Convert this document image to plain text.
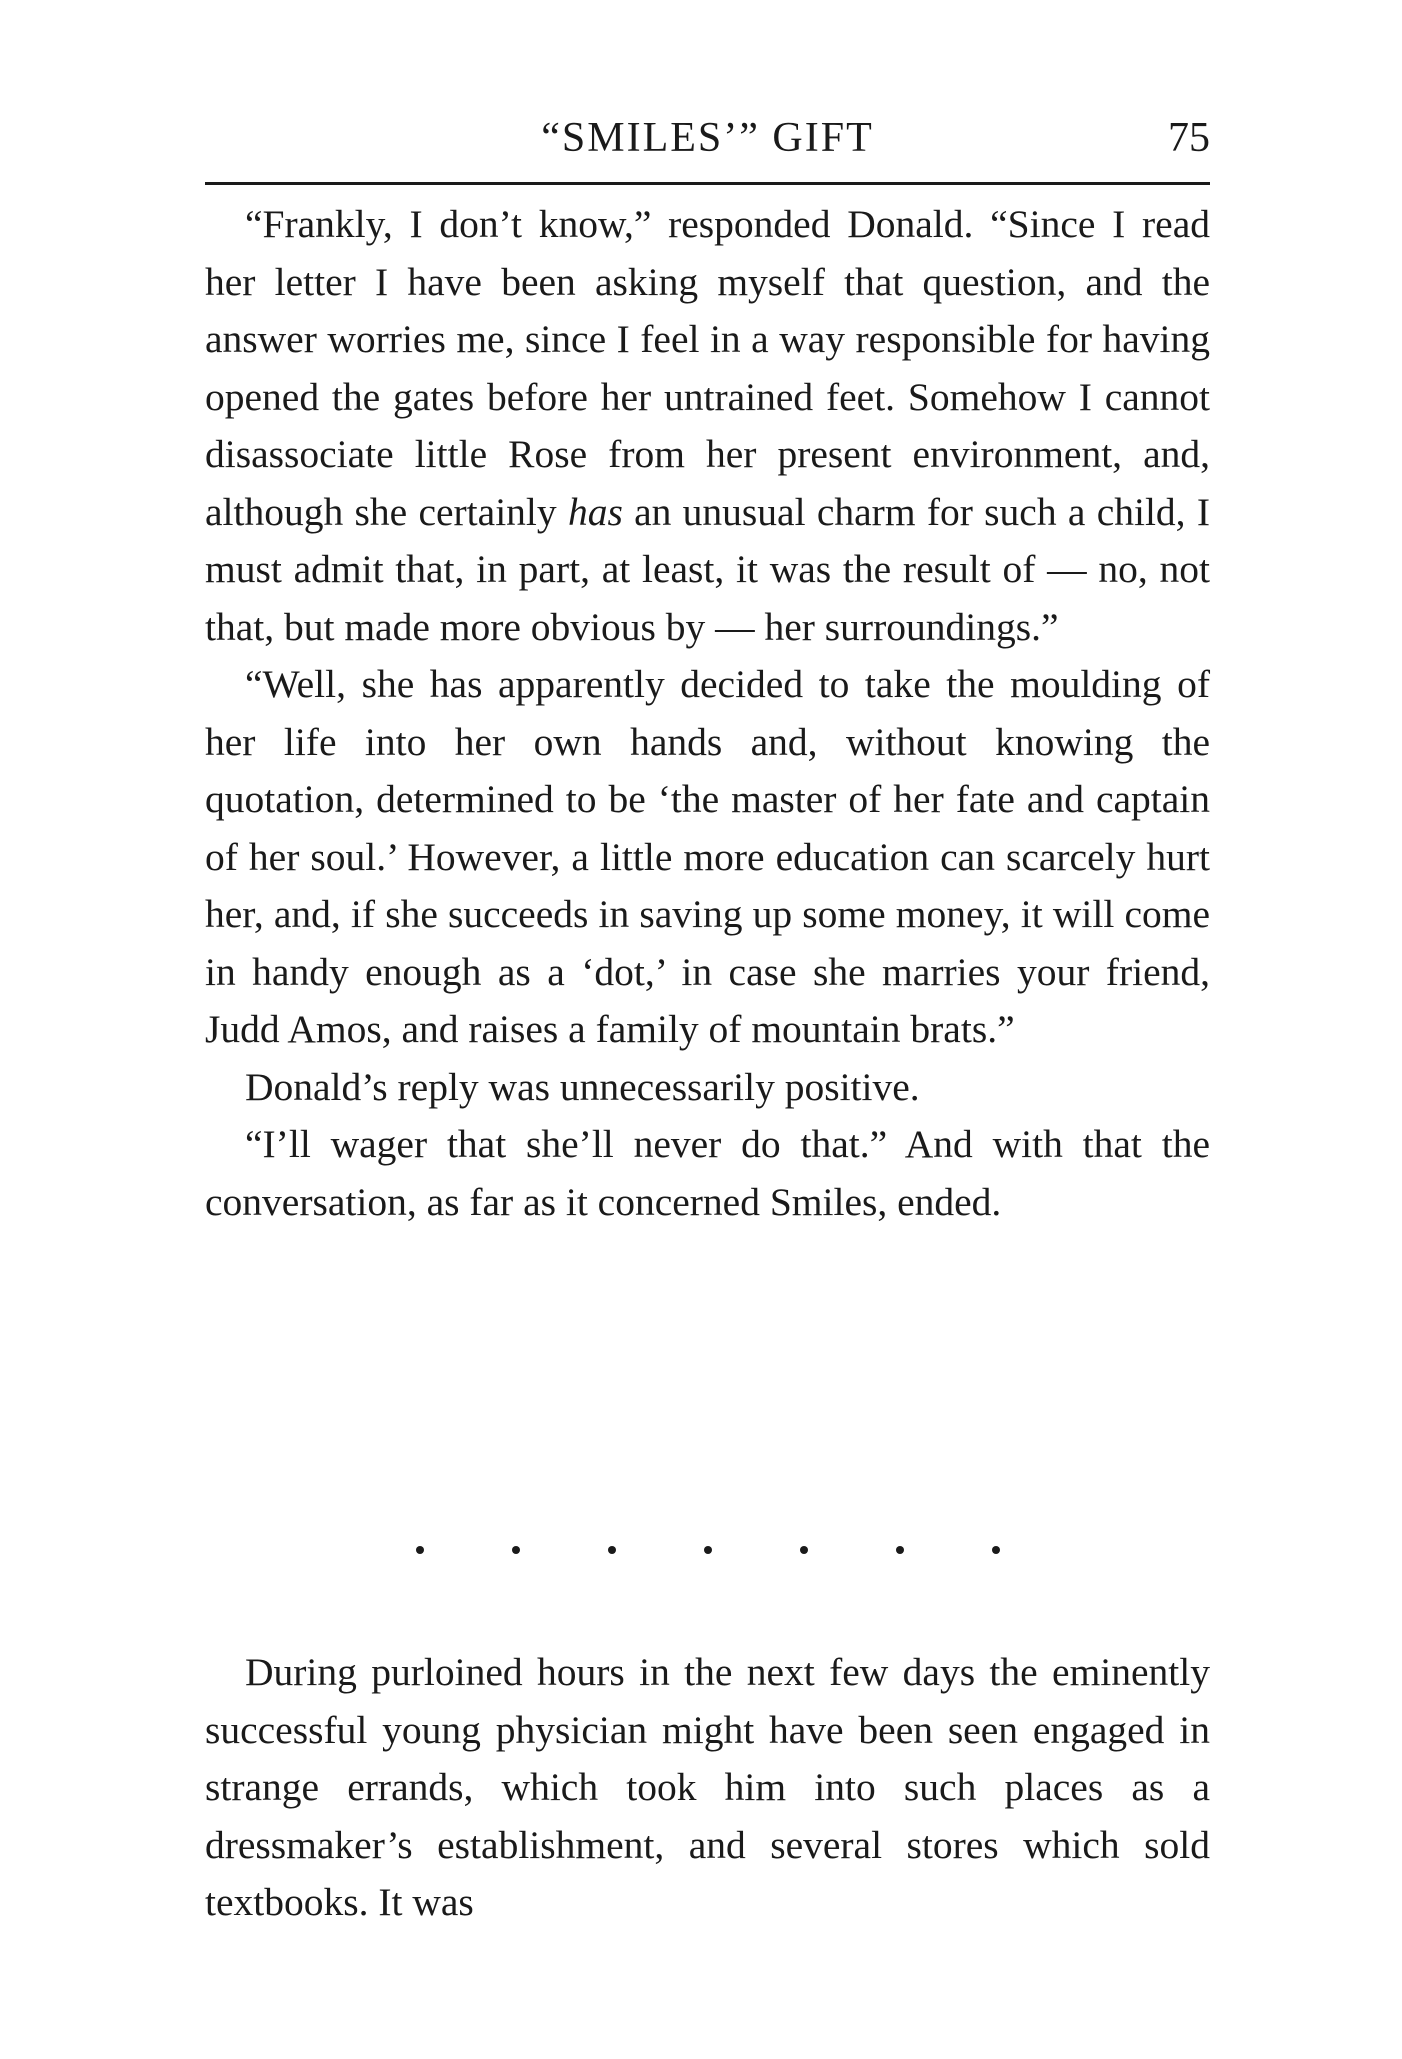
“SMILES’” GIFT	75

“Frankly, I don’t know,” responded Donald. “Since I read her letter I have been asking myself that question, and the answer worries me, since I feel in a way responsible for having opened the gates before her untrained feet. Somehow I cannot disassociate little Rose from her present environment, and, although she certainly has an unusual charm for such a child, I must admit that, in part, at least, it was the result of — no, not that, but made more obvious by — her surroundings.”

“Well, she has apparently decided to take the moulding of her life into her own hands and, without knowing the quotation, determined to be ‘the master of her fate and captain of her soul.’ However, a little more education can scarcely hurt her, and, if she succeeds in saving up some money, it will come in handy enough as a ‘dot,’ in case she marries your friend, Judd Amos, and raises a family of mountain brats.”

Donald’s reply was unnecessarily positive.

“I’ll wager that she’ll never do that.” And with that the conversation, as far as it concerned Smiles, ended.

During purloined hours in the next few days the eminently successful young physician might have been seen engaged in strange errands, which took him into such places as a dressmaker’s establishment, and several stores which sold textbooks. It was
